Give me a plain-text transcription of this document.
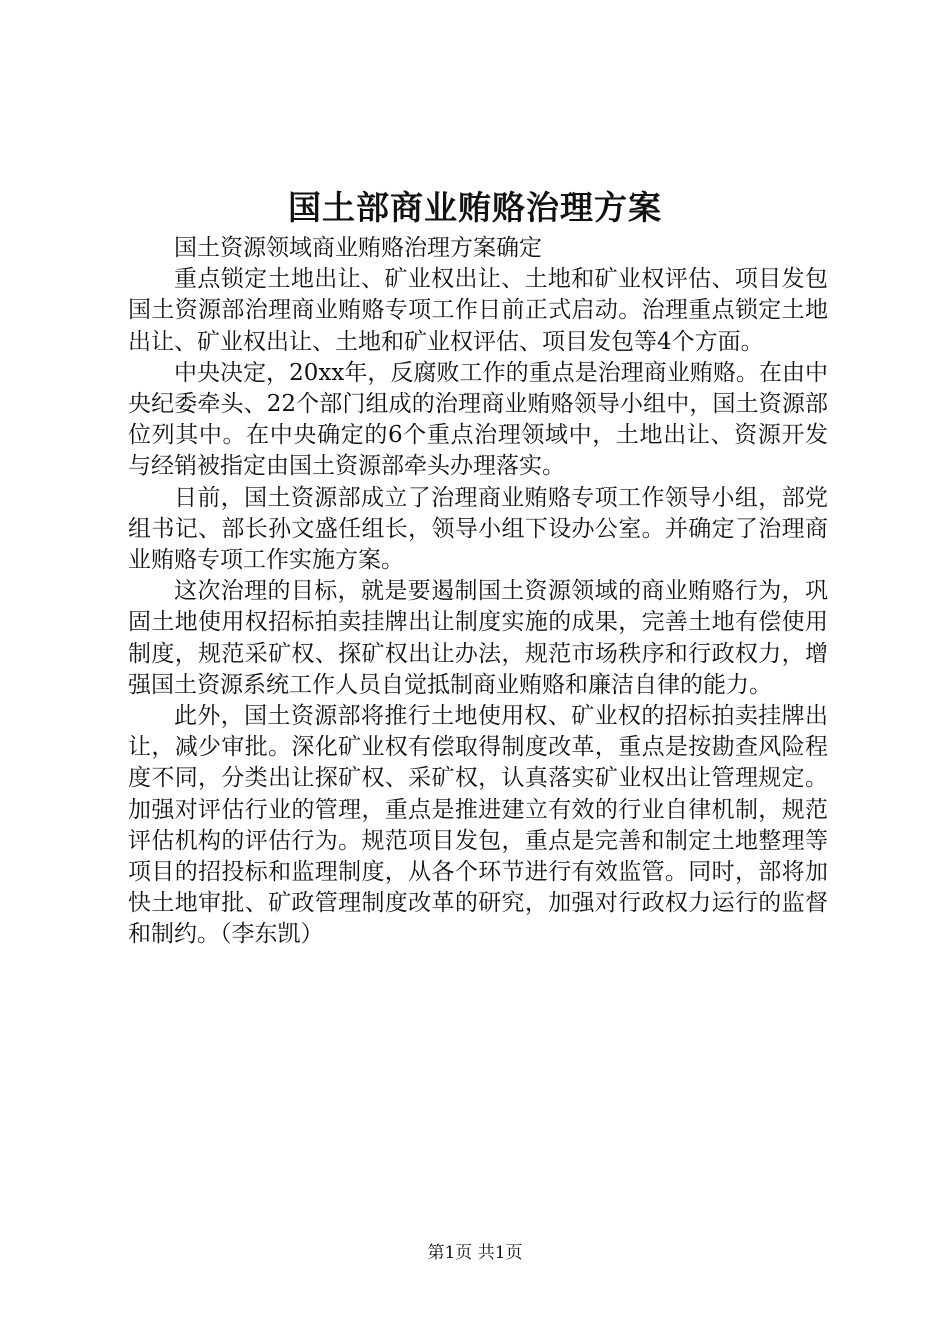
国土部商业贿赂治理方案

国土资源领域商业贿赂治理方案确定

重点锁定土地出让、矿业权出让、土地和矿业权评估、项目发包国土资源部治理商业贿赂专项工作日前正式启动。治理重点锁定土地出让、矿业权出让、土地和矿业权评估、项目发包等4个方面。

中央决定，20xx年，反腐败工作的重点是治理商业贿赂。在由中央纪委牵头、22个部门组成的治理商业贿赂领导小组中，国土资源部位列其中。在中央确定的6个重点治理领域中，土地出让、资源开发与经销被指定由国土资源部牵头办理落实。

日前，国土资源部成立了治理商业贿赂专项工作领导小组，部党组书记、部长孙文盛任组长，领导小组下设办公室。并确定了治理商业贿赂专项工作实施方案。

这次治理的目标，就是要遏制国土资源领域的商业贿赂行为，巩固土地使用权招标拍卖挂牌出让制度实施的成果，完善土地有偿使用制度，规范采矿权、探矿权出让办法，规范市场秩序和行政权力，增强国土资源系统工作人员自觉抵制商业贿赂和廉洁自律的能力。

此外，国土资源部将推行土地使用权、矿业权的招标拍卖挂牌出让，减少审批。深化矿业权有偿取得制度改革，重点是按勘查风险程度不同，分类出让探矿权、采矿权，认真落实矿业权出让管理规定。加强对评估行业的管理，重点是推进建立有效的行业自律机制，规范评估机构的评估行为。规范项目发包，重点是完善和制定土地整理等项目的招投标和监理制度，从各个环节进行有效监管。同时，部将加快土地审批、矿政管理制度改革的研究，加强对行政权力运行的监督和制约。（李东凯）

第1页 共1页
